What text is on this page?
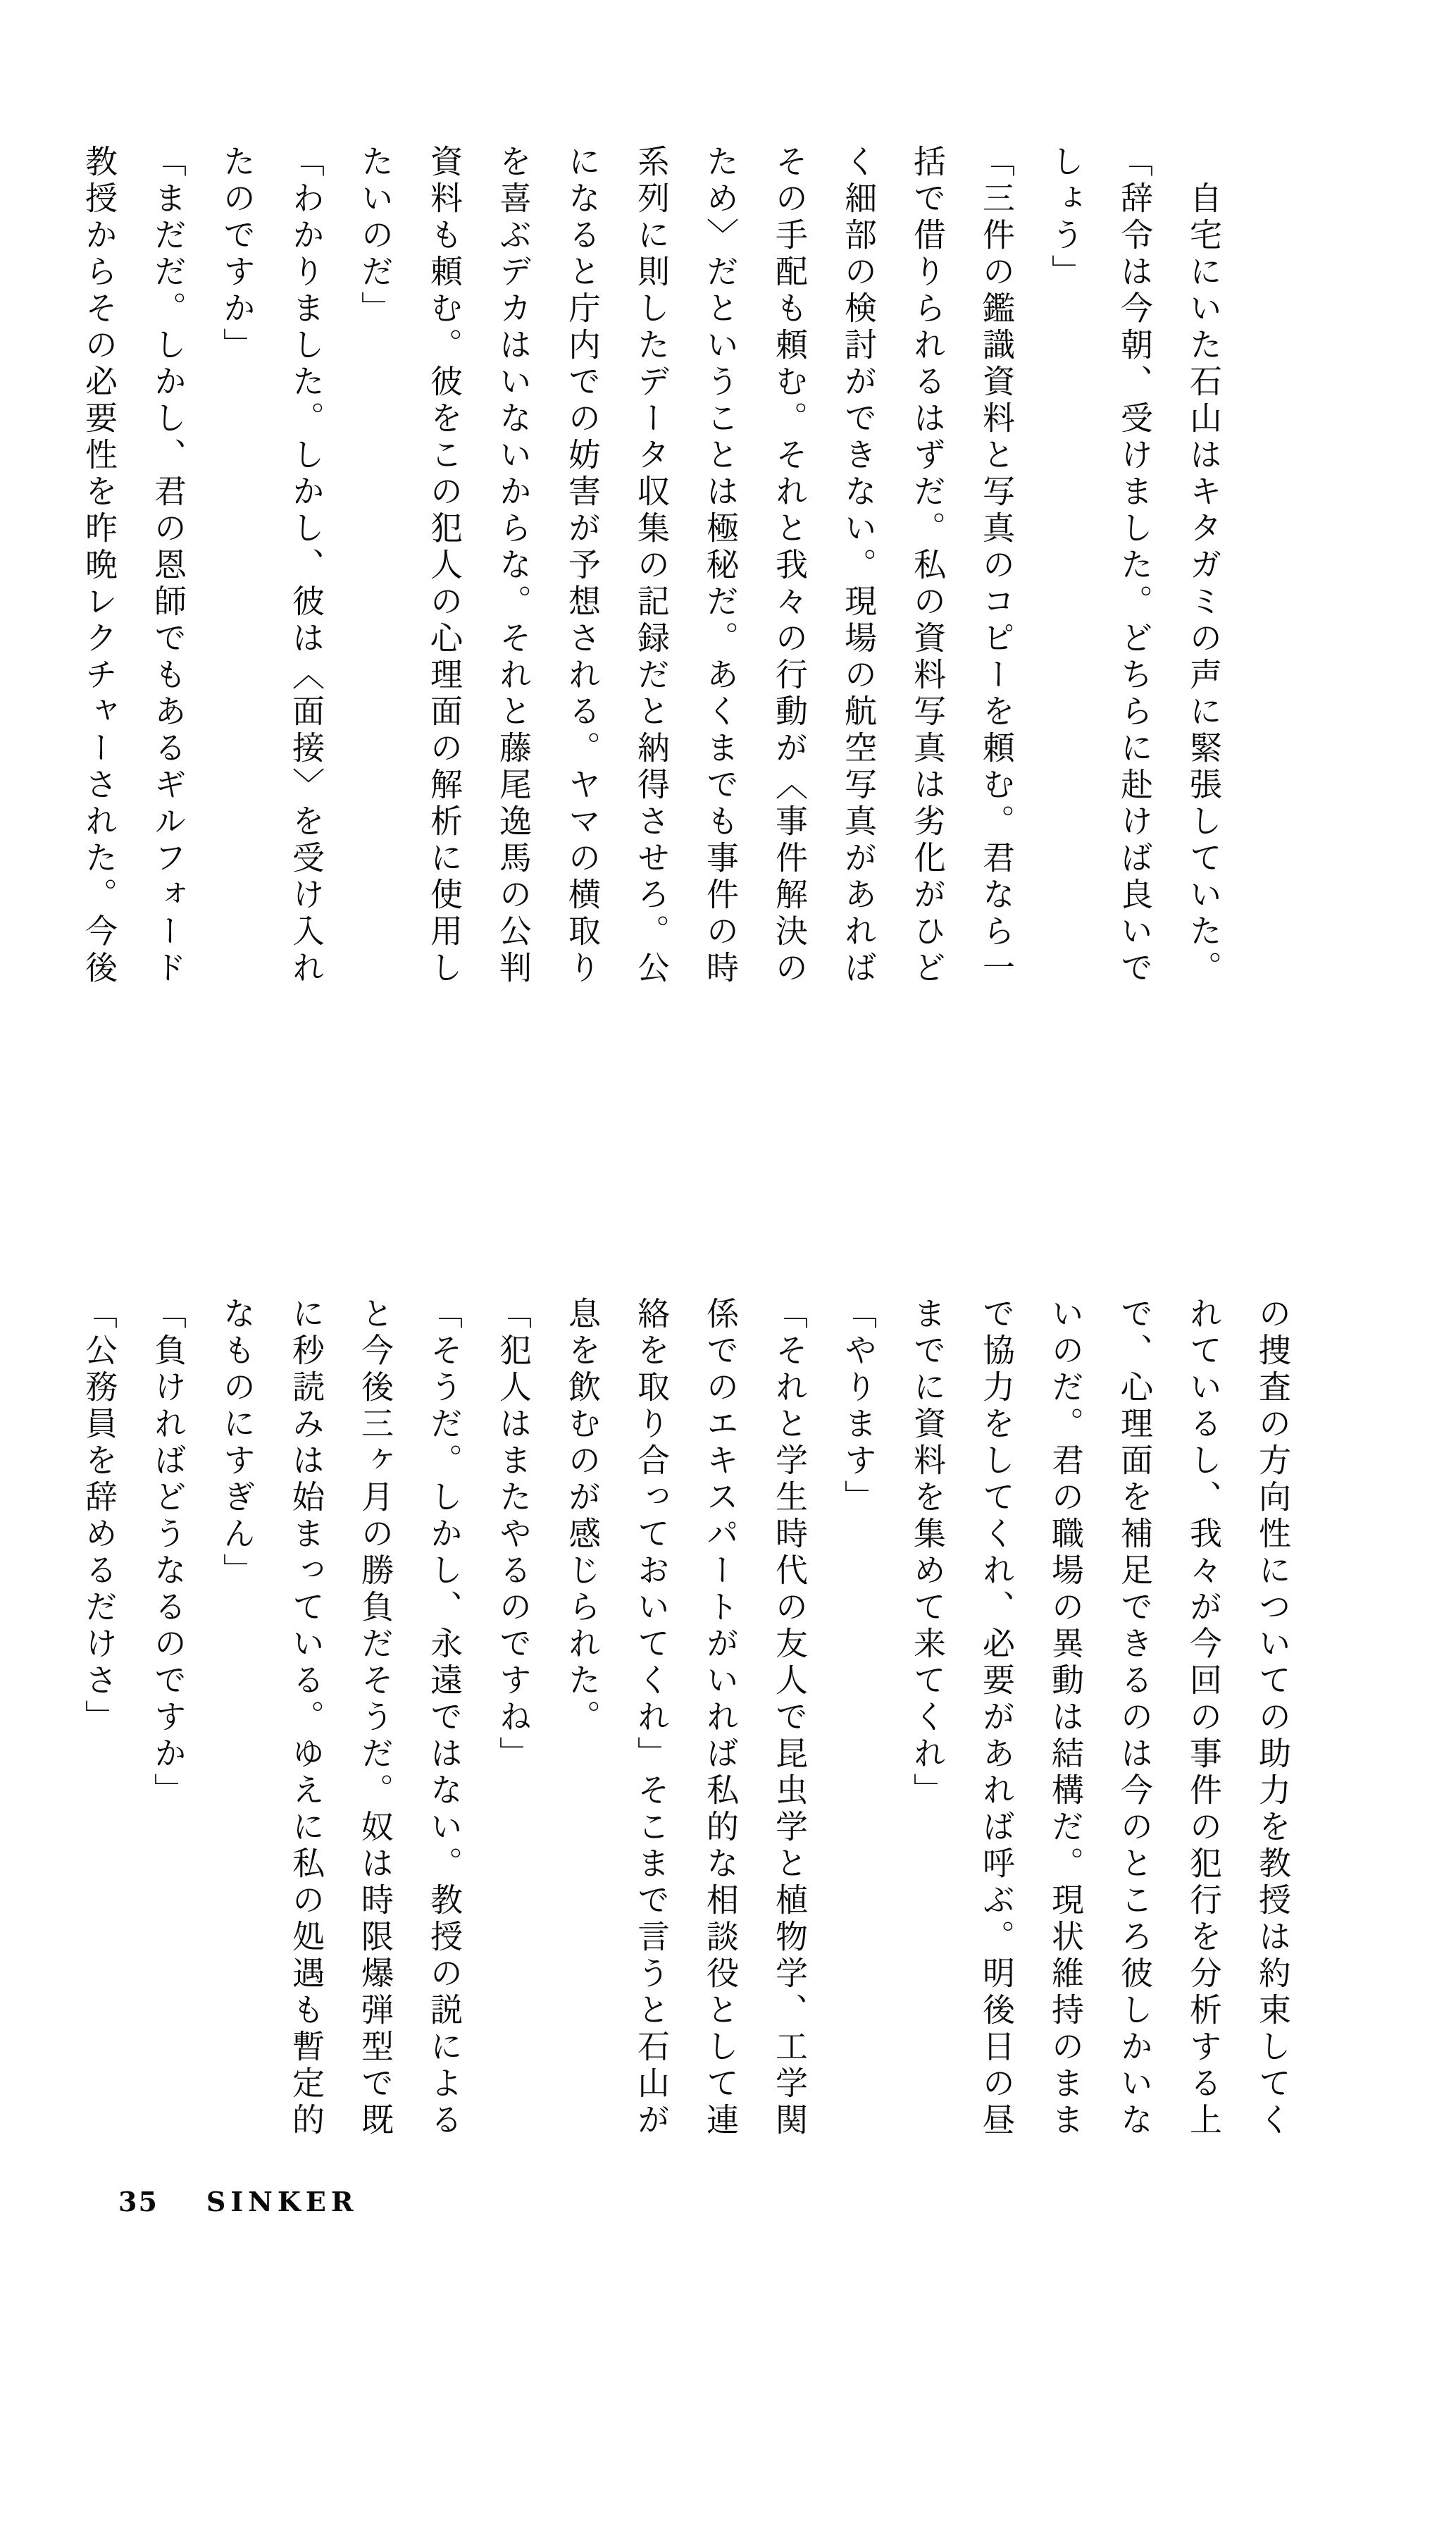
　自宅にいた石山はキタガミの声に緊張していた。

「辞令は今朝、受けました。どちらに赴けば良いで

しょう」

「三件の鑑識資料と写真のコピーを頼む。君なら一

括で借りられるはずだ。私の資料写真は劣化がひど

く細部の検討ができない。現場の航空写真があれば

その手配も頼む。それと我々の行動が〈事件解決の

ため〉だということは極秘だ。あくまでも事件の時

系列に則したデータ収集の記録だと納得させろ。公

になると庁内での妨害が予想される。ヤマの横取り

を喜ぶデカはいないからな。それと藤尾逸馬の公判

資料も頼む。彼をこの犯人の心理面の解析に使用し

たいのだ」

「わかりました。しかし、彼は〈面接〉を受け入れ

たのですか」

「まだだ。しかし、君の恩師でもあるギルフォード

教授からその必要性を昨晩レクチャーされた。今後

の捜査の方向性についての助力を教授は約束してく

れているし、我々が今回の事件の犯行を分析する上

で、心理面を補足できるのは今のところ彼しかいな

いのだ。君の職場の異動は結構だ。現状維持のまま

で協力をしてくれ、必要があれば呼ぶ。明後日の昼

までに資料を集めて来てくれ」

「やります」

「それと学生時代の友人で昆虫学と植物学、工学関

係でのエキスパートがいれば私的な相談役として連

絡を取り合っておいてくれ」そこまで言うと石山が

息を飲むのが感じられた。

「犯人はまたやるのですね」

「そうだ。しかし、永遠ではない。教授の説による

と今後三ヶ月の勝負だそうだ。奴は時限爆弾型で既

に秒読みは始まっている。ゆえに私の処遇も暫定的

なものにすぎん」

「負ければどうなるのですか」

「公務員を辞めるだけさ」

35 SINKER
